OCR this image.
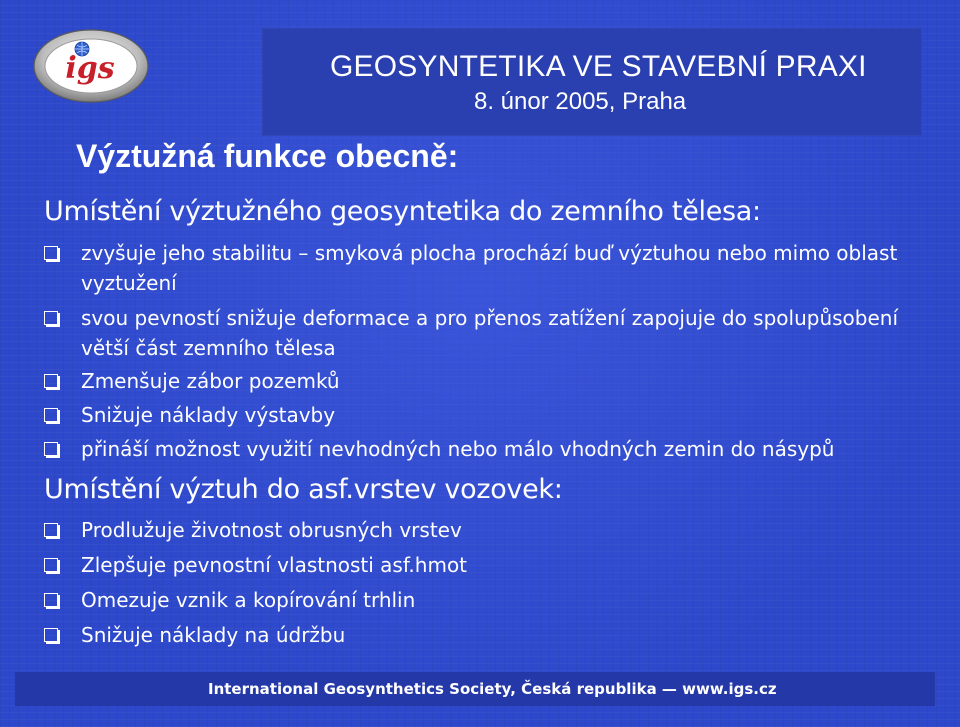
GEOSYNTETIKA VE STAVEBNÍ PRAXI
8. únor 2005, Praha
igs
Výztužná funkce obecně:
Umístění výztužného geosyntetika do zemního tělesa:
zvyšuje jeho stabilitu – smyková plocha prochází buď výztuhou nebo mimo oblast vyztužení
svou pevností snižuje deformace a pro přenos zatížení zapojuje do spolupůsobení větší část zemního tělesa
Zmenšuje zábor pozemků
Snižuje náklady výstavby
přináší možnost využití nevhodných nebo málo vhodných zemin do násypů
Umístění výztuh do asf.vrstev vozovek:
Prodlužuje životnost obrusných vrstev
Zlepšuje pevnostní vlastnosti asf.hmot
Omezuje vznik a kopírování trhlin
Snižuje náklady na údržbu
International Geosynthetics Society, Česká republika — www.igs.cz
